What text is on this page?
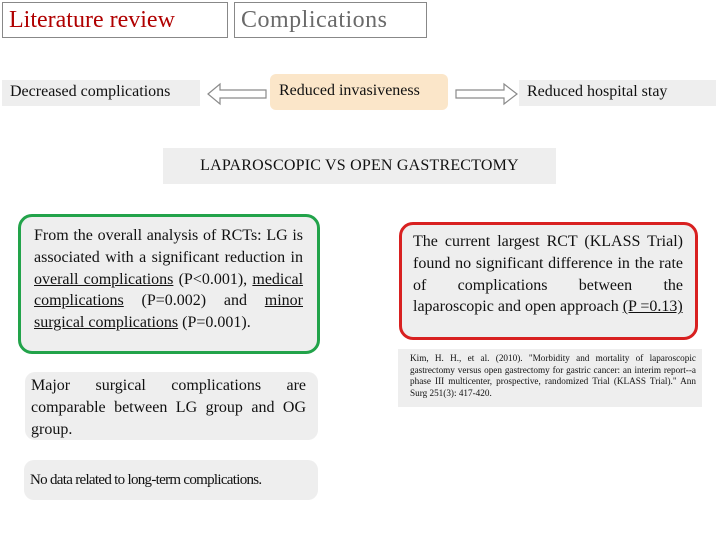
Literature review	Complications
Decreased complications	Reduced invasiveness	Reduced hospital stay
LAPAROSCOPIC VS OPEN GASTRECTOMY
From the overall analysis of RCTs: LG is associated with a significant reduction in overall complications (P<0.001), medical complications (P=0.002) and minor surgical complications (P=0.001).
Major surgical complications are comparable between LG group and OG group.
No data related to long-term complications.
The current largest RCT (KLASS Trial) found no significant difference in the rate of complications between the laparoscopic and open approach (P =0.13)
Kim, H. H., et al. (2010). "Morbidity and mortality of laparoscopic gastrectomy versus open gastrectomy for gastric cancer: an interim report--a phase III multicenter, prospective, randomized Trial (KLASS Trial)." Ann Surg 251(3): 417-420.
